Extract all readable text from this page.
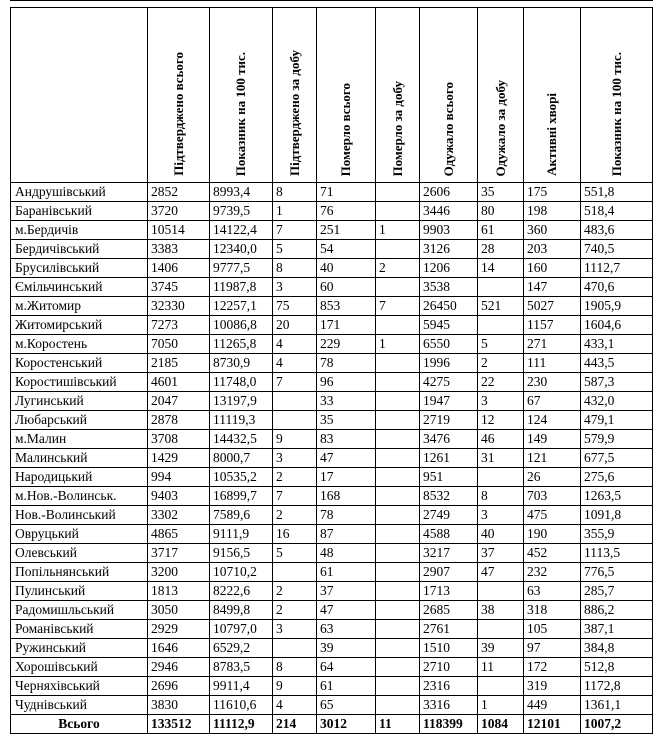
	Підтверджено всього	Показник на 100 тис.	Підтверджено за добу	Померло всього	Померло за добу	Одужало всього	Одужало за добу	Активні хворі	Показник на 100 тис.

Андрушівський	2852	8993,4	8	71		2606	35	175	551,8
Баранівський	3720	9739,5	1	76		3446	80	198	518,4
м.Бердичів	10514	14122,4	7	251	1	9903	61	360	483,6
Бердичівський	3383	12340,0	5	54		3126	28	203	740,5
Брусилівський	1406	9777,5	8	40	2	1206	14	160	1112,7
Ємільчинський	3745	11987,8	3	60		3538		147	470,6
м.Житомир	32330	12257,1	75	853	7	26450	521	5027	1905,9
Житомирський	7273	10086,8	20	171		5945		1157	1604,6
м.Коростень	7050	11265,8	4	229	1	6550	5	271	433,1
Коростенський	2185	8730,9	4	78		1996	2	111	443,5
Коростишівський	4601	11748,0	7	96		4275	22	230	587,3
Лугинський	2047	13197,9		33		1947	3	67	432,0
Любарський	2878	11119,3		35		2719	12	124	479,1
м.Малин	3708	14432,5	9	83		3476	46	149	579,9
Малинський	1429	8000,7	3	47		1261	31	121	677,5
Народицький	994	10535,2	2	17		951		26	275,6
м.Нов.-Волинськ.	9403	16899,7	7	168		8532	8	703	1263,5
Нов.-Волинський	3302	7589,6	2	78		2749	3	475	1091,8
Овруцький	4865	9111,9	16	87		4588	40	190	355,9
Олевський	3717	9156,5	5	48		3217	37	452	1113,5
Попільнянський	3200	10710,2		61		2907	47	232	776,5
Пулинський	1813	8222,6	2	37		1713		63	285,7
Радомишльський	3050	8499,8	2	47		2685	38	318	886,2
Романівський	2929	10797,0	3	63		2761		105	387,1
Ружинський	1646	6529,2		39		1510	39	97	384,8
Хорошівський	2946	8783,5	8	64		2710	11	172	512,8
Черняхівський	2696	9911,4	9	61		2316		319	1172,8
Чуднівський	3830	11610,6	4	65		3316	1	449	1361,1
Всього	133512	11112,9	214	3012	11	118399	1084	12101	1007,2
